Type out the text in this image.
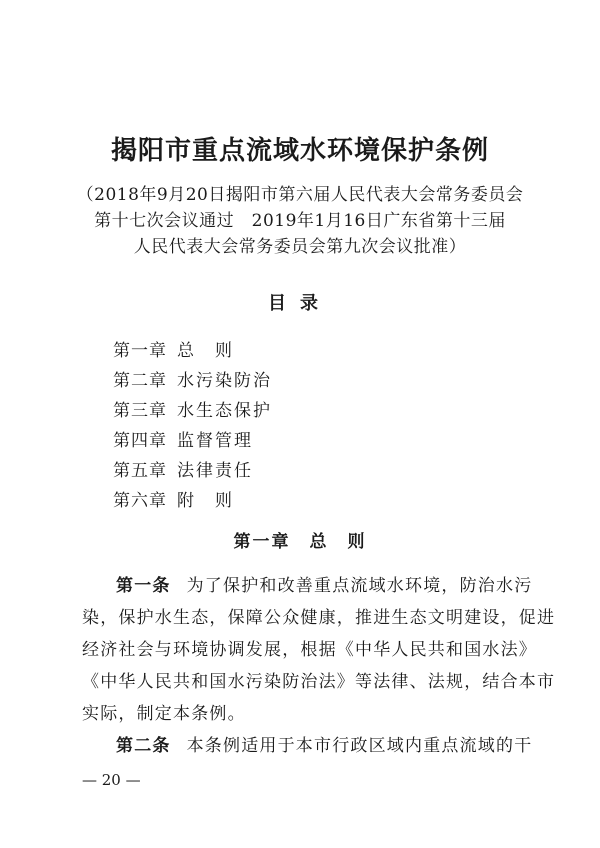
揭阳市重点流域水环境保护条例
（2018年9月20日揭阳市第六届人民代表大会常务委员会
第十七次会议通过　2019年1月16日广东省第十三届
人民代表大会常务委员会第九次会议批准）
目录
第一章 总　则
第二章 水污染防治
第三章 水生态保护
第四章 监督管理
第五章 法律责任
第六章 附　则
第一章　总　则

第一条 为了保护和改善重点流域水环境，防治水污
染，保护水生态，保障公众健康，推进生态文明建设，促进
经济社会与环境协调发展，根据《中华人民共和国水法》
《中华人民共和国水污染防治法》等法律、法规，结合本市
实际，制定本条例。

第二条 本条例适用于本市行政区域内重点流域的干

— 20 —
